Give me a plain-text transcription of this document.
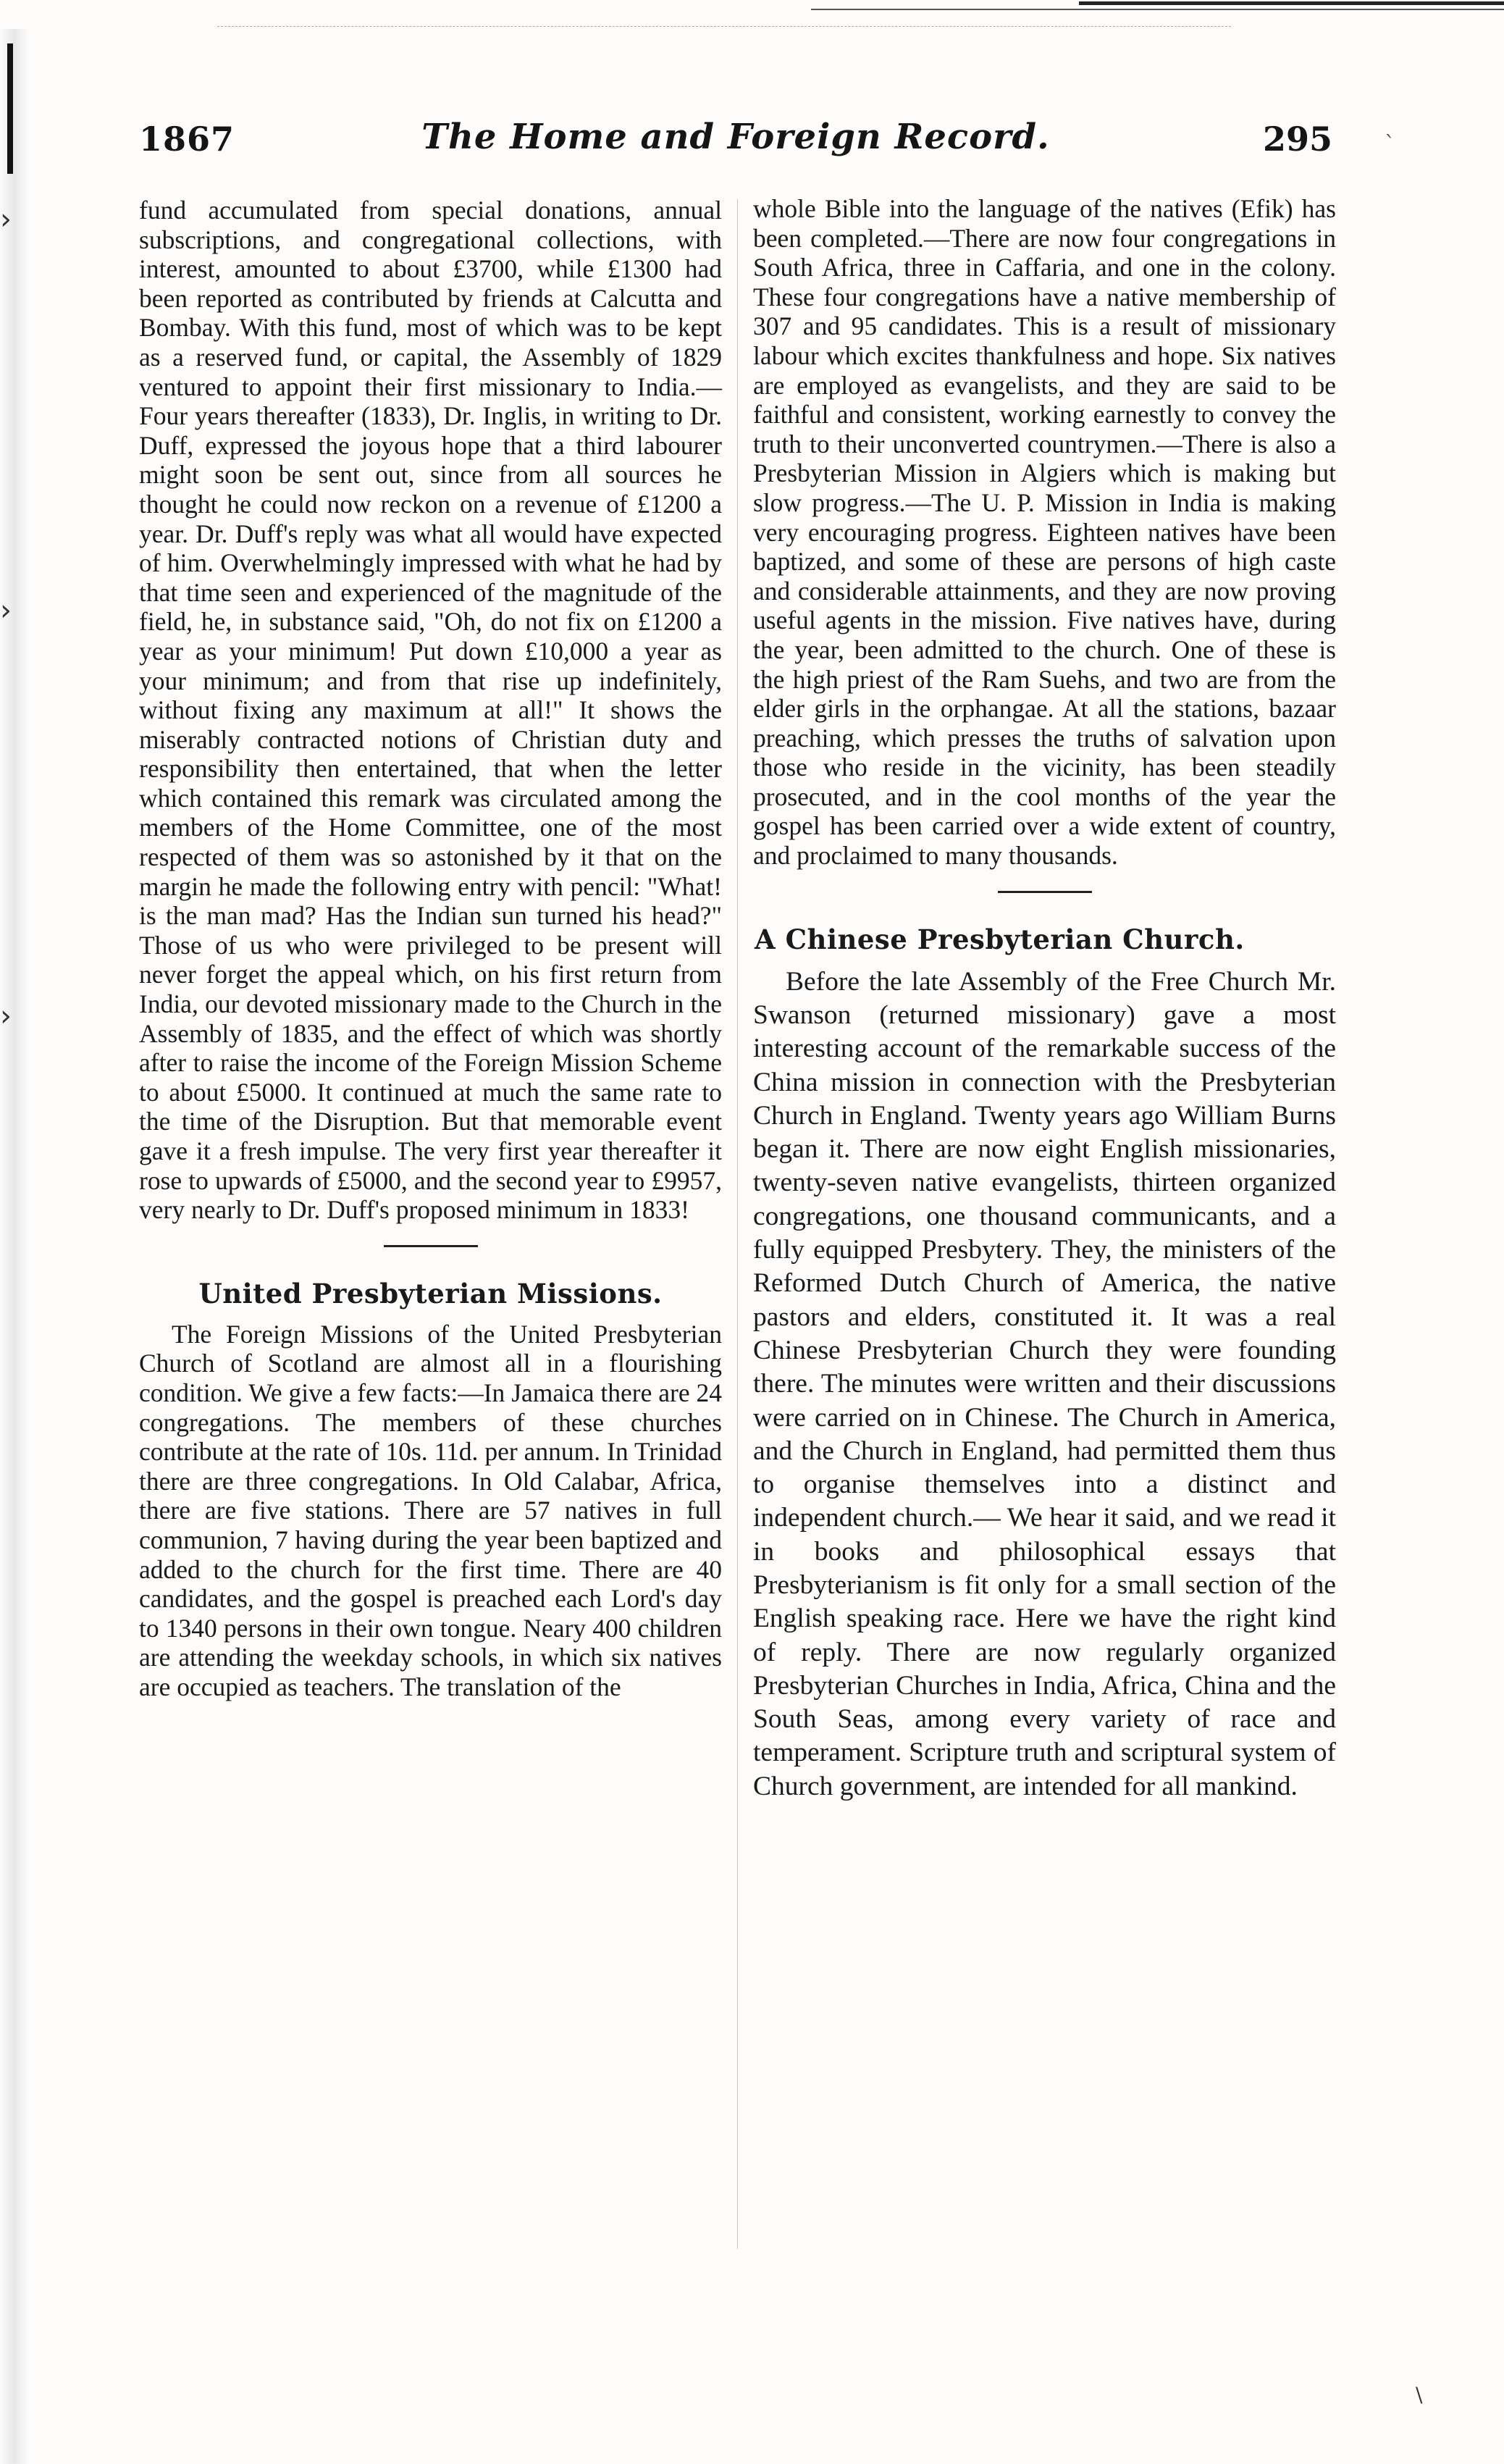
›
›
›
1867	The Home and Foreign Record.	295 ˋ

fund accumulated from special donations, annual subscriptions, and congregational collections, with interest, amounted to about £3700, while £1300 had been reported as contributed by friends at Calcutta and Bombay. With this fund, most of which was to be kept as a reserved fund, or capital, the Assembly of 1829 ventured to appoint their first missionary to India.— Four years thereafter (1833), Dr. Inglis, in writing to Dr. Duff, expressed the joyous hope that a third labourer might soon be sent out, since from all sources he thought he could now reckon on a revenue of £1200 a year. Dr. Duff's reply was what all would have expected of him. Overwhelmingly impressed with what he had by that time seen and experienced of the magnitude of the field, he, in substance said, "Oh, do not fix on £1200 a year as your minimum! Put down £10,000 a year as your minimum; and from that rise up indefinitely, without fixing any maximum at all!" It shows the miserably contracted notions of Christian duty and responsibility then entertained, that when the letter which contained this remark was circulated among the members of the Home Committee, one of the most respected of them was so astonished by it that on the margin he made the following entry with pencil: "What! is the man mad? Has the Indian sun turned his head?" Those of us who were privileged to be present will never forget the appeal which, on his first return from India, our devoted missionary made to the Church in the Assembly of 1835, and the effect of which was shortly after to raise the income of the Foreign Mission Scheme to about £5000. It continued at much the same rate to the time of the Disruption. But that memorable event gave it a fresh impulse. The very first year thereafter it rose to upwards of £5000, and the second year to £9957, very nearly to Dr. Duff's proposed minimum in 1833!

United Presbyterian Missions.

The Foreign Missions of the United Presbyterian Church of Scotland are almost all in a flourishing condition. We give a few facts:—In Jamaica there are 24 congregations. The members of these churches contribute at the rate of 10s. 11d. per annum. In Trinidad there are three congregations. In Old Calabar, Africa, there are five stations. There are 57 natives in full communion, 7 having during the year been baptized and added to the church for the first time. There are 40 candidates, and the gospel is preached each Lord's day to 1340 persons in their own tongue. Neary 400 children are attending the weekday schools, in which six natives are occupied as teachers. The translation of the

whole Bible into the language of the natives (Efik) has been completed.—There are now four congregations in South Africa, three in Caffaria, and one in the colony. These four congregations have a native membership of 307 and 95 candidates. This is a result of missionary labour which excites thankfulness and hope. Six natives are employed as evangelists, and they are said to be faithful and consistent, working earnestly to convey the truth to their unconverted countrymen.—There is also a Presbyterian Mission in Algiers which is making but slow progress.—The U. P. Mission in India is making very encouraging progress. Eighteen natives have been baptized, and some of these are persons of high caste and considerable attainments, and they are now proving useful agents in the mission. Five natives have, during the year, been admitted to the church. One of these is the high priest of the Ram Suehs, and two are from the elder girls in the orphangae. At all the stations, bazaar preaching, which presses the truths of salvation upon those who reside in the vicinity, has been steadily prosecuted, and in the cool months of the year the gospel has been carried over a wide extent of country, and proclaimed to many thousands.

A Chinese Presbyterian Church.

Before the late Assembly of the Free Church Mr. Swanson (returned missionary) gave a most interesting account of the remarkable success of the China mission in connection with the Presbyterian Church in England. Twenty years ago William Burns began it. There are now eight English missionaries, twenty-seven native evangelists, thirteen organized congregations, one thousand communicants, and a fully equipped Presbytery. They, the ministers of the Reformed Dutch Church of America, the native pastors and elders, constituted it. It was a real Chinese Presbyterian Church they were founding there. The minutes were written and their discussions were carried on in Chinese. The Church in America, and the Church in England, had permitted them thus to organise themselves into a distinct and independent church.— We hear it said, and we read it in books and philosophical essays that Presbyterianism is fit only for a small section of the English speaking race. Here we have the right kind of reply. There are now regularly organized Presbyterian Churches in India, Africa, China and the South Seas, among every variety of race and temperament. Scripture truth and scriptural system of Church government, are intended for all mankind.

\
